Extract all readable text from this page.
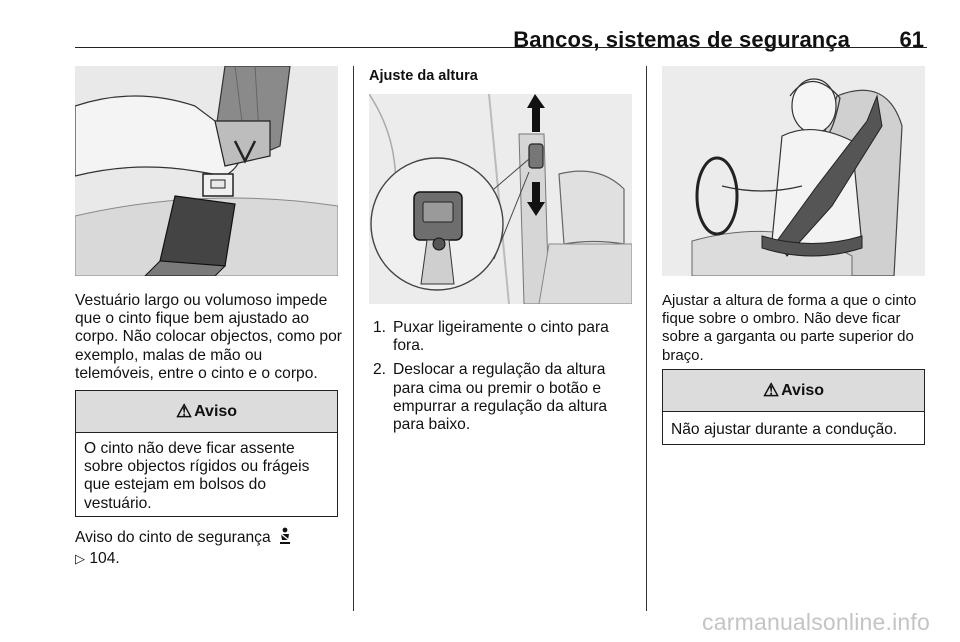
Bancos, sistemas de segurança 61
Vestuário largo ou volumoso impede que o cinto fique bem ajustado ao corpo. Não colocar objectos, como por exemplo, malas de mão ou telemóveis, entre o cinto e o corpo.
⚠ Aviso
O cinto não deve ficar assente sobre objectos rígidos ou frágeis que estejam em bolsos do vestuário.
Aviso do cinto de segurança
▷ 104.
Ajuste da altura
1. Puxar ligeiramente o cinto para fora.
2. Deslocar a regulação da altura para cima ou premir o botão e empurrar a regulação da altura para baixo.
Ajustar a altura de forma a que o cinto fique sobre o ombro. Não deve ficar sobre a garganta ou parte superior do braço.
⚠ Aviso
Não ajustar durante a condução.
carmanualsonline.info
